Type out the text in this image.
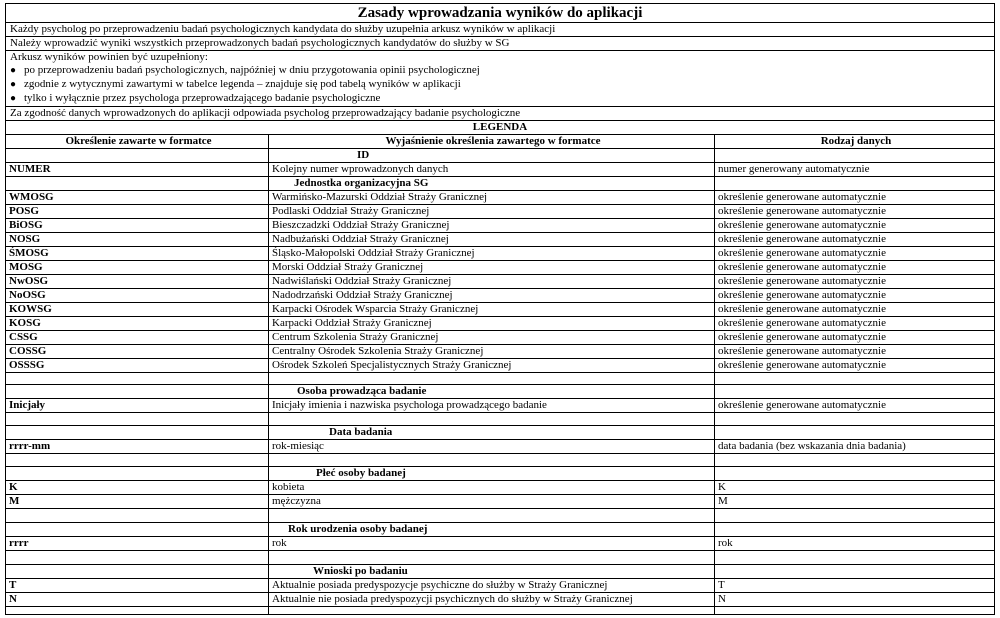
Zasady wprowadzania wyników do aplikacji
Każdy psycholog po przeprowadzeniu badań psychologicznych kandydata do służby uzupełnia arkusz wyników w aplikacji
Należy wprowadzić wyniki wszystkich przeprowadzonych badań psychologicznych kandydatów do służby w SG
Arkusz wyników powinien być uzupełniony:
● po przeprowadzeniu badań psychologicznych, najpóźniej w dniu przygotowania opinii psychologicznej
● zgodnie z wytycznymi zawartymi w tabelce legenda – znajduje się pod tabelą wyników w aplikacji
● tylko i wyłącznie przez psychologa przeprowadzającego badanie psychologiczne
Za zgodność danych wprowadzonych do aplikacji odpowiada psycholog przeprowadzający badanie psychologiczne
LEGENDA
Określenie zawarte w formatce	Wyjaśnienie określenia zawartego w formatce	Rodzaj danych
ID
NUMER	Kolejny numer wprowadzonych danych	numer generowany automatycznie
Jednostka organizacyjna SG
WMOSG	Warmińsko-Mazurski Oddział Straży Granicznej	określenie generowane automatycznie
POSG	Podlaski Oddział Straży Granicznej	określenie generowane automatycznie
BiOSG	Bieszczadzki Oddział Straży Granicznej	określenie generowane automatycznie
NOSG	Nadbużański Oddział Straży Granicznej	określenie generowane automatycznie
ŚMOSG	Śląsko-Małopolski Oddział Straży Granicznej	określenie generowane automatycznie
MOSG	Morski Oddział Straży Granicznej	określenie generowane automatycznie
NwOSG	Nadwiślański Oddział Straży Granicznej	określenie generowane automatycznie
NoOSG	Nadodrzański Oddział Straży Granicznej	określenie generowane automatycznie
KOWSG	Karpacki Ośrodek Wsparcia Straży Granicznej	określenie generowane automatycznie
KOSG	Karpacki Oddział Straży Granicznej	określenie generowane automatycznie
CSSG	Centrum Szkolenia Straży Granicznej	określenie generowane automatycznie
COSSG	Centralny Ośrodek Szkolenia Straży Granicznej	określenie generowane automatycznie
OSSSG	Ośrodek Szkoleń Specjalistycznych Straży Granicznej	określenie generowane automatycznie
Osoba prowadząca badanie
Inicjały	Inicjały imienia i nazwiska psychologa prowadzącego badanie	określenie generowane automatycznie
Data badania
rrrr-mm	rok-miesiąc	data badania (bez wskazania dnia badania)
Płeć osoby badanej
K	kobieta	K
M	mężczyzna	M
Rok urodzenia osoby badanej
rrrr	rok	rok
Wnioski po badaniu
T	Aktualnie posiada predyspozycje psychiczne do służby w Straży Granicznej	T
N	Aktualnie nie posiada predyspozycji psychicznych do służby w Straży Granicznej	N
